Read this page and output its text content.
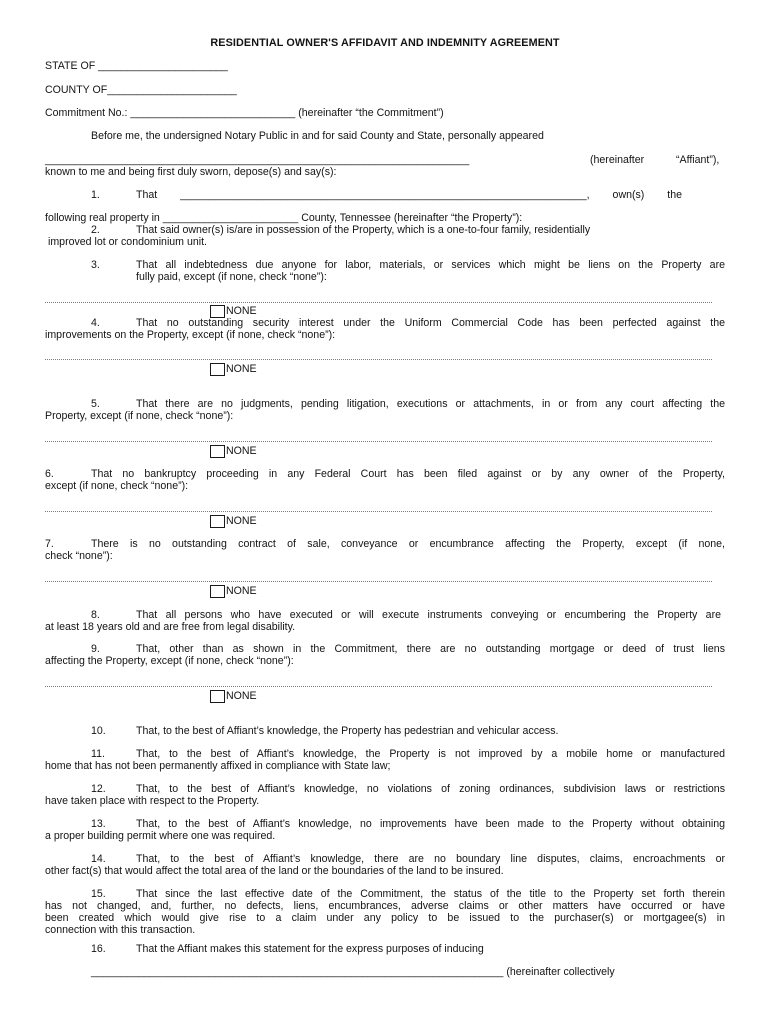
RESIDENTIAL OWNER'S AFFIDAVIT AND INDEMNITY AGREEMENT
STATE OF ______________________
COUNTY OF______________________
Commitment No.: ____________________________ (hereinafter “the Commitment”)
Before me, the undersigned Notary Public in and for said County and State, personally appeared
________________________________________________________________________	(hereinafter	“Affiant”),
known to me and being first duly sworn, depose(s) and say(s):
1.	That _____________________________________________________________________, own(s) the
following real property in _______________________ County, Tennessee (hereinafter “the Property”):
2.	That said owner(s) is/are in possession of the Property, which is a one-to-four family, residentially
improved lot or condominium unit.
3.	That all indebtedness due anyone for labor, materials, or services which might be liens on the Property are
fully paid, except (if none, check “none”):
NONE
4.	That no outstanding security interest under the Uniform Commercial Code has been perfected against the
improvements on the Property, except (if none, check “none”):
NONE
5.	That there are no judgments, pending litigation, executions or attachments, in or from any court affecting the
Property, except (if none, check “none”):
NONE
6.	That no bankruptcy proceeding in any Federal Court has been filed against or by any owner of the Property,
except (if none, check “none”):
NONE
7.	There is no outstanding contract of sale, conveyance or encumbrance affecting the Property, except (if none,
check “none”):
NONE
8.	That all persons who have executed or will execute instruments conveying or encumbering the Property are
at least 18 years old and are free from legal disability.
9.	That, other than as shown in the Commitment, there are no outstanding mortgage or deed of trust liens
affecting the Property, except (if none, check “none”):
NONE
10.	That, to the best of Affiant’s knowledge, the Property has pedestrian and vehicular access.
11.	That, to the best of Affiant’s knowledge, the Property is not improved by a mobile home or manufactured
home that has not been permanently affixed in compliance with State law;
12.	That, to the best of Affiant’s knowledge, no violations of zoning ordinances, subdivision laws or restrictions
have taken place with respect to the Property.
13.	That, to the best of Affiant’s knowledge, no improvements have been made to the Property without obtaining
a proper building permit where one was required.
14.	That, to the best of Affiant’s knowledge, there are no boundary line disputes, claims, encroachments or
other fact(s) that would affect the total area of the land or the boundaries of the land to be insured.
15.	That since the last effective date of the Commitment, the status of the title to the Property set forth therein
has not changed, and, further, no defects, liens, encumbrances, adverse claims or other matters have occurred or have
been created which would give rise to a claim under any policy to be issued to the purchaser(s) or mortgagee(s) in
connection with this transaction.
16.	That the Affiant makes this statement for the express purposes of inducing
______________________________________________________________________ (hereinafter collectively
